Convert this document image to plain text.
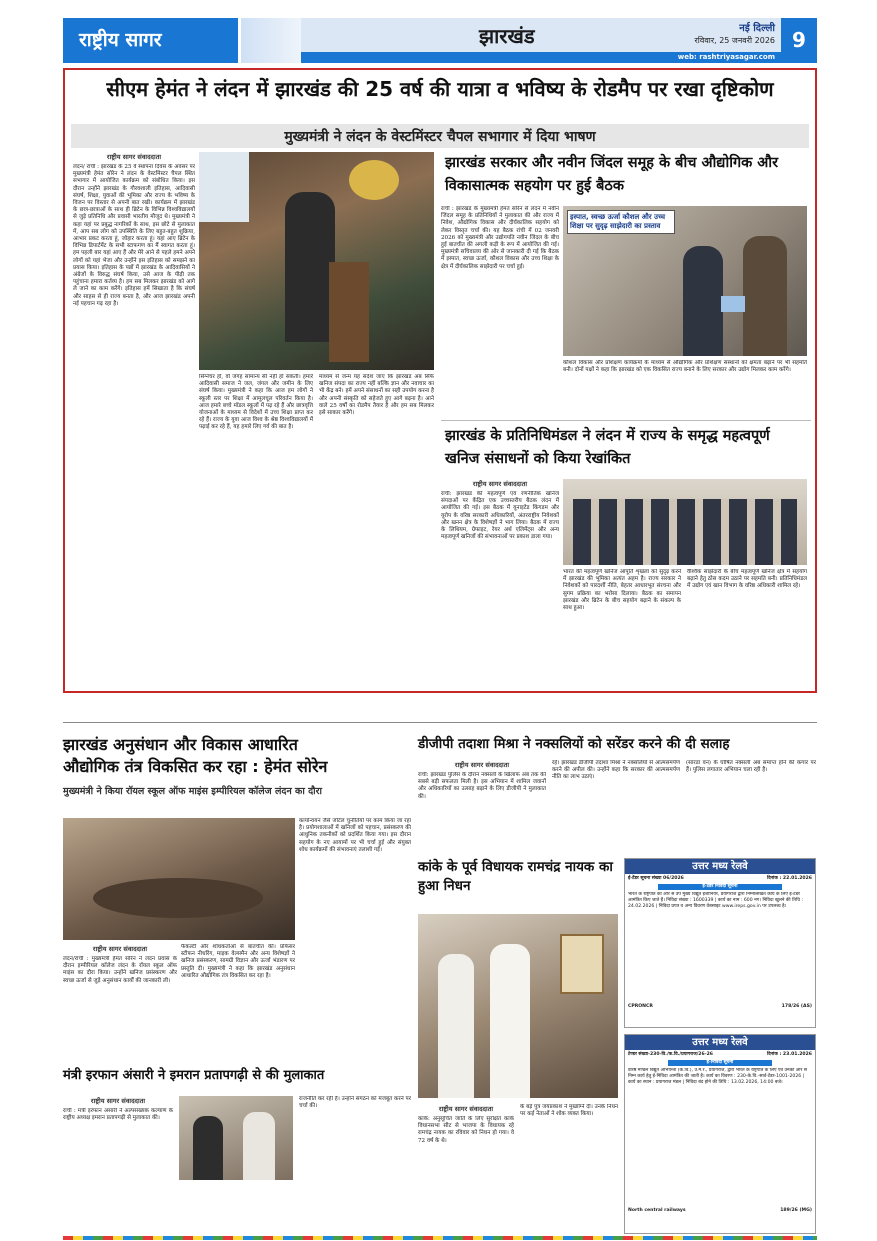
राष्ट्रीय सागर	झारखंड	नई दिल्ली
रविवार, 25 जनवरी 2026
web: rashtriyasagar.com
9
सीएम हेमंत ने लंदन में झारखंड की 25 वर्ष की यात्रा व भविष्य के रोडमैप पर रखा दृष्टिकोण
मुख्यमंत्री ने लंदन के वेस्टमिंस्टर चैपल सभागार में दिया भाषण
राष्ट्रीय सागर संवाददाता
लंदन/ रांची : झारखंड के 25 वें स्थापना दिवस के अवसर पर मुख्यमंत्री हेमंत सोरेन ने लंदन के वेस्टमिंस्टर चैपल स्थित सभागार में आयोजित कार्यक्रम को संबोधित किया। इस दौरान उन्होंने झारखंड के गौरवशाली इतिहास, आदिवासी संघर्ष, शिक्षा, युवाओं की भूमिका और राज्य के भविष्य के विजन पर विस्तार से अपनी बात रखी। कार्यक्रम में झारखंड के छात्र-छात्राओं के साथ ही ब्रिटेन के विभिन्न विश्वविद्यालयों से जुड़े प्रतिनिधि और प्रवासी भारतीय मौजूद थे। मुख्यमंत्री ने कहा यहां पर प्रबुद्ध नागरिकों के साथ, इस छोटे से मुलाकात में, आप सब लोग को उपस्थिति के लिए बहुत-बहुत शुक्रिया, आभार प्रकट करता हूं, जोहार करता हूं। यहां आए ब्रिटेन के विभिन्न डिपार्टमेंट के सभी स्टाफगण का मैं स्वागत करता हूं। हम पहली बार यहां आए हैं और मेरे आने से पहले हमने अपने लोगों को यहां भेजा और उन्होंने इस इतिहास को समझने का प्रयास किया। इतिहास के पन्नों में झारखंड के आदिवासियों ने अंग्रेजों के विरुद्ध संघर्ष किया, उसे आज के पीढ़ी तक पहुंचाना हमारा कर्तव्य है। हम सब मिलकर झारखंड को आगे ले जाने का काम करेंगे। इतिहास हमें सिखाता है कि संघर्ष और साहस से ही राज्य बनता है, और आज झारखंड अपनी नई पहचान गढ़ रहा है।
सिग्नेचर हो, वो जगह सामान्य सी नहीं हो सकती। हमारे आदिवासी समाज ने जल, जंगल और जमीन के लिए संघर्ष किया। मुख्यमंत्री ने कहा कि आज हम लोगों ने स्कूली स्तर पर शिक्षा में आमूलचूल परिवर्तन किया है। आज हमारे बच्चे मॉडल स्कूलों में पढ़ रहे हैं और छात्रवृत्ति योजनाओं के माध्यम से विदेशों में उच्च शिक्षा प्राप्त कर रहे हैं। राज्य के युवा आज विश्व के श्रेष्ठ विश्वविद्यालयों में पढ़ाई कर रहे हैं, यह हमारे लिए गर्व की बात है।
माध्यम से जन्म यह संदेश जाए कि झारखंड अब सिर्फ खनिज संपदा का राज्य नहीं बल्कि ज्ञान और नवाचार का भी केंद्र बने। हमें अपने संसाधनों का सही उपयोग करना है और अपनी संस्कृति को सहेजते हुए आगे बढ़ना है। आने वाले 25 वर्षों का रोडमैप तैयार है और हम सब मिलकर इसे साकार करेंगे।
झारखंड सरकार और नवीन जिंदल समूह के बीच औद्योगिक और विकासात्मक सहयोग पर हुई बैठक
रांची : झारखंड के मुख्यमंत्री हेमंत सोरेन से लंदन में नवीन जिंदल समूह के प्रतिनिधियों ने मुलाकात की और राज्य में निवेश, औद्योगिक विकास और दीर्घकालिक सहयोग को लेकर विस्तृत चर्चा की। यह बैठक रांची में 02 जनवरी 2026 को मुख्यमंत्री और उद्योगपति नवीन जिंदल के बीच हुई बातचीत की अगली कड़ी के रूप में आयोजित की गई। मुख्यमंत्री सचिवालय की ओर से जानकारी दी गई कि बैठक में इस्पात, स्वच्छ ऊर्जा, कौशल विकास और उच्च शिक्षा के क्षेत्र में दीर्घकालिक साझेदारी पर चर्चा हुई।
इस्पात, स्वच्छ ऊर्जा कौशल और उच्च शिक्षा पर सुदृढ़ साझेदारी का प्रस्ताव
कौशल विकास और प्रशिक्षण कार्यक्रमों के माध्यम से औद्योगिक और प्रशिक्षण संस्थानों को क्षमता बढ़ाने पर भी सहमति बनी। दोनों पक्षों ने कहा कि झारखंड को एक विकसित राज्य बनाने के लिए सरकार और उद्योग मिलकर काम करेंगे।
झारखंड के प्रतिनिधिमंडल ने लंदन में राज्य के समृद्ध महत्वपूर्ण खनिज संसाधनों को किया रेखांकित
राष्ट्रीय सागर संवाददाता
रांची: झारखंड की महत्वपूर्ण एवं रणनीतिक खनिज संपदाओं पर केंद्रित एक उच्चस्तरीय बैठक लंदन में आयोजित की गई। इस बैठक में यूनाइटेड किंगडम और यूरोप के वरिष्ठ सरकारी अधिकारियों, अंतरराष्ट्रीय निवेशकों और खनन क्षेत्र के विशेषज्ञों ने भाग लिया। बैठक में राज्य के लिथियम, ग्रेफाइट, रेयर अर्थ एलिमेंट्स और अन्य महत्वपूर्ण खनिजों की संभावनाओं पर प्रकाश डाला गया।
भारत की महत्वपूर्ण खनिज आपूर्ति शृंखला को सुदृढ़ करने में झारखंड की भूमिका अत्यंत अहम है। राज्य सरकार ने निवेशकों को पारदर्शी नीति, बेहतर आधारभूत संरचना और सुगम प्रक्रिया का भरोसा दिलाया। बैठक का समापन झारखंड और ब्रिटेन के बीच सहयोग बढ़ाने के संकल्प के साथ हुआ।
वैश्विक साझेदारी के बीच महत्वपूर्ण खनिज क्षेत्र में सहयोग बढ़ाने हेतु ठोस कदम उठाने पर सहमति बनी। प्रतिनिधिमंडल में उद्योग एवं खान विभाग के वरिष्ठ अधिकारी शामिल रहे।
झारखंड अनुसंधान और विकास आधारित
औद्योगिक तंत्र विकसित कर रहा : हेमंत सोरेन
मुख्यमंत्री ने किया रॉयल स्कूल ऑफ माइंस इम्पीरियल कॉलेज लंदन का दौरा
राष्ट्रीय सागर संवाददाता
लंदन/रांची : मुख्यमंत्री हेमंत सोरेन ने लंदन प्रवास के दौरान इम्पीरियल कॉलेज लंदन के रॉयल स्कूल ऑफ माइंस का दौरा किया। उन्होंने खनिज प्रसंस्करण और स्वच्छ ऊर्जा से जुड़े अनुसंधान कार्यों की जानकारी ली।
फैकल्टी और शोधकर्ताओं से बातचीत की। प्रोफेसर स्टीफन नीधरिंग, माइक वेल्समैन और अन्य विशेषज्ञों ने खनिज प्रसंस्करण, सामग्री विज्ञान और ऊर्जा भंडारण पर प्रस्तुति दी। मुख्यमंत्री ने कहा कि झारखंड अनुसंधान आधारित औद्योगिक तंत्र विकसित कर रहा है।
कार्यान्वयन जैसे जटिल चुनौतियों पर काम किया जा रहा है। प्रयोगशालाओं में खनिजों को पहचान, प्रसंस्करण की आधुनिक तकनीकों को प्रदर्शित किया गया। इस दौरान सहयोग के नए आयामों पर भी चर्चा हुई और संयुक्त शोध कार्यक्रमों की संभावनाएं तलाशी गईं।
डीजीपी तदाशा मिश्रा ने नक्सलियों को सरेंडर करने की दी सलाह
राष्ट्रीय सागर संवाददाता
रांची: झारखंड पुलिस के दौरान नक्सलों के खिलाफ अब तक की सबसे बड़ी सफलता मिली है। इस अभियान में शामिल जवानों और अधिकारियों का उत्साह बढ़ाने के लिए डीजीपी ने मुलाकात की।
रहें। झारखंड डीजीपी तदाशा मिश्रा ने नक्सलियों से आत्मसमर्पण करने की अपील की। उन्होंने कहा कि सरकार की आत्मसमर्पण नीति का लाभ उठाएं।
(सारंडा वन) के घोषित नक्सली अब समाप्त होने की कगार पर हैं। पुलिस लगातार अभियान चला रही है।
कांके के पूर्व विधायक रामचंद्र नायक का हुआ निधन
राष्ट्रीय सागर संवाददाता
कांके: अनुसूचित जाति के लिए सुरक्षित कांके विधानसभा सीट से भाजपा के विधायक रहे रामचंद्र नायक का रविवार को निधन हो गया। वे 72 वर्ष के थे।
के बड़े पुत्र जयप्रकाश ने मुखाग्नि दी। उनके निधन पर कई नेताओं ने शोक व्यक्त किया।
मंत्री इरफान अंसारी ने इमरान प्रतापगढ़ी से की मुलाकात
राष्ट्रीय सागर संवाददाता
रांची : मंत्री इरफान अंसारी ने अल्पसंख्यक कल्याण के राष्ट्रीय अध्यक्ष इमरान प्रतापगढ़ी से मुलाकात की।
राजनीति कर रही है। उन्होंने संगठन को मजबूत करने पर चर्चा की।
उत्तर मध्य रेलवे
ई-टेंडर सूचना संख्या 06/2026	दिनांक : 22.01.2026
ई-टेंडर निविदा सूचना
भारत के राष्ट्रपति की ओर से उप मुख्य विद्युत इंजीनियर, प्रयागराज द्वारा निम्नलिखित कार्य के लिए ई-टेंडर आमंत्रित किए जाते हैं। निविदा संख्या : 1600339 | कार्य का नाम : 600 नग। निविदा खुलने की तिथि : 24.02.2026 | निविदा प्रपत्र व अन्य विवरण वेबसाइट www.ireps.gov.in पर उपलब्ध है।
CPRONCR	178/26 (AS)
उत्तर मध्य रेलवे
टेण्डर संख्या-230-वि./क.वि./प्रयागराज/26-26	दिनांक : 23.01.2026
ई-निविदा सूचना
वरिष्ठ मण्डल विद्युत अभियन्ता (क.वि.), उ.म.रे., प्रयागराज, द्वारा भारत के राष्ट्रपति के लिए एवं उनकी ओर से निम्न कार्य हेतु ई-निविदा आमंत्रित की जाती है। कार्य का विवरण : 230-के.वि.-सार्व-टेंडर-1001-2026 | कार्य का स्थान : प्रयागराज मंडल | निविदा बंद होने की तिथि : 13.02.2026, 14:00 बजे।
North central railways	189/26 (MG)
